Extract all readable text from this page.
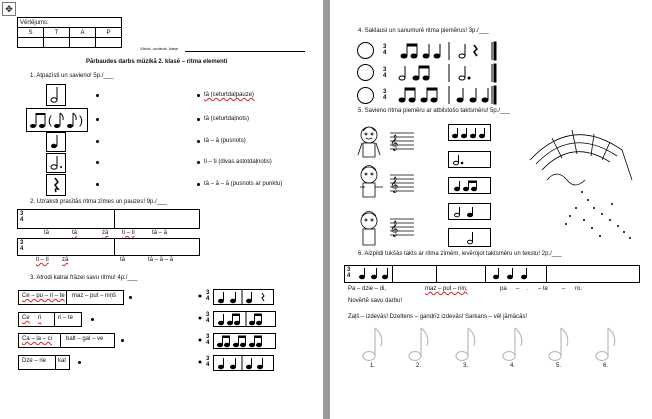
✥
Vērtējums:			
S	T	A	P

Vārds, uzvārds, klase
Pārbaudes darbs mūzikā 2. klasē – ritma elementi
1. Atpazīsti un savieno! 5p./___
( )
tā (ceturtdaļpauze)
tā (ceturtdaļnots)
tā – ā (pusnots)
ti – ti (divas astotdaļnotis)
tā – ā – ā (pusnots ar punktu)
2. Uzraksti prasītās ritma zīmes un pauzes! 9p./___
3
4
tā	tā	zā ti – ti	tā – ā
3
4
ti – ti zā	tā	tā – ā – ā
3. Atrodi katrai frāzei savu ritmu! 4p./___
Ce – pu – ri – te maz – put – niņš
Ce ri	ri – te
Ca – la – ci balt – gal – ve
Dze – rie kal
3
4
3
4
3
4
3
4
4. Saklausi un sanumurē ritma piemērus! 3p./___
3
4
3
4
3
4
5. Savieno ritma piemēru ar atbilstošo taktsmēru! 5p./___
𝄞
𝄞
𝄞
6. Aizpildi tukšās takts ar ritma zīmēm, ievērojot taktsmēru un tekstu! 2p./___
3
4
Pa – dzie – di,	maz – put – niņ,	pa – . – te – ro.
Novērtē savu darbu!
Zaļš – izdevās! Dzeltens – gandrīz izdevās! Sarkans – vēl jāmācās!
1.	2.	3.	4.	5.	6.
